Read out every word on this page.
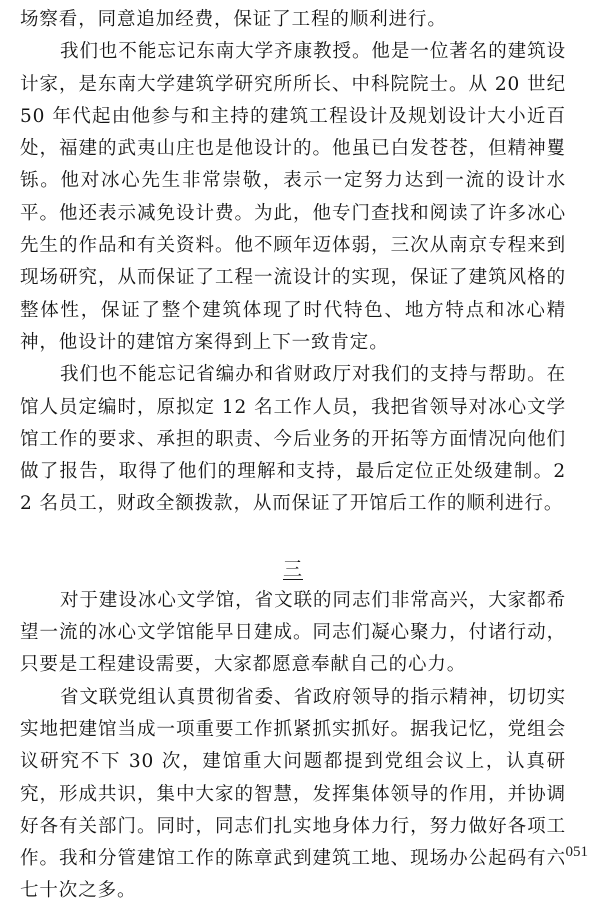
场察看，同意追加经费，保证了工程的顺利进行。

我们也不能忘记东南大学齐康教授。他是一位著名的建筑设计家，是东南大学建筑学研究所所长、中科院院士。从 20 世纪 50 年代起由他参与和主持的建筑工程设计及规划设计大小近百处，福建的武夷山庄也是他设计的。他虽已白发苍苍，但精神矍铄。他对冰心先生非常崇敬，表示一定努力达到一流的设计水平。他还表示减免设计费。为此，他专门查找和阅读了许多冰心先生的作品和有关资料。他不顾年迈体弱，三次从南京专程来到现场研究，从而保证了工程一流设计的实现，保证了建筑风格的整体性，保证了整个建筑体现了时代特色、地方特点和冰心精神，他设计的建馆方案得到上下一致肯定。

我们也不能忘记省编办和省财政厅对我们的支持与帮助。在馆人员定编时，原拟定 12 名工作人员，我把省领导对冰心文学馆工作的要求、承担的职责、今后业务的开拓等方面情况向他们做了报告，取得了他们的理解和支持，最后定位正处级建制。22 名员工，财政全额拨款，从而保证了开馆后工作的顺利进行。

三

对于建设冰心文学馆，省文联的同志们非常高兴，大家都希望一流的冰心文学馆能早日建成。同志们凝心聚力，付诸行动，只要是工程建设需要，大家都愿意奉献自己的心力。

省文联党组认真贯彻省委、省政府领导的指示精神，切切实实地把建馆当成一项重要工作抓紧抓实抓好。据我记忆，党组会议研究不下 30 次，建馆重大问题都提到党组会议上，认真研究，形成共识，集中大家的智慧，发挥集体领导的作用，并协调好各有关部门。同时，同志们扎实地身体力行，努力做好各项工作。我和分管建馆工作的陈章武到建筑工地、现场办公起码有六七十次之多。

051
